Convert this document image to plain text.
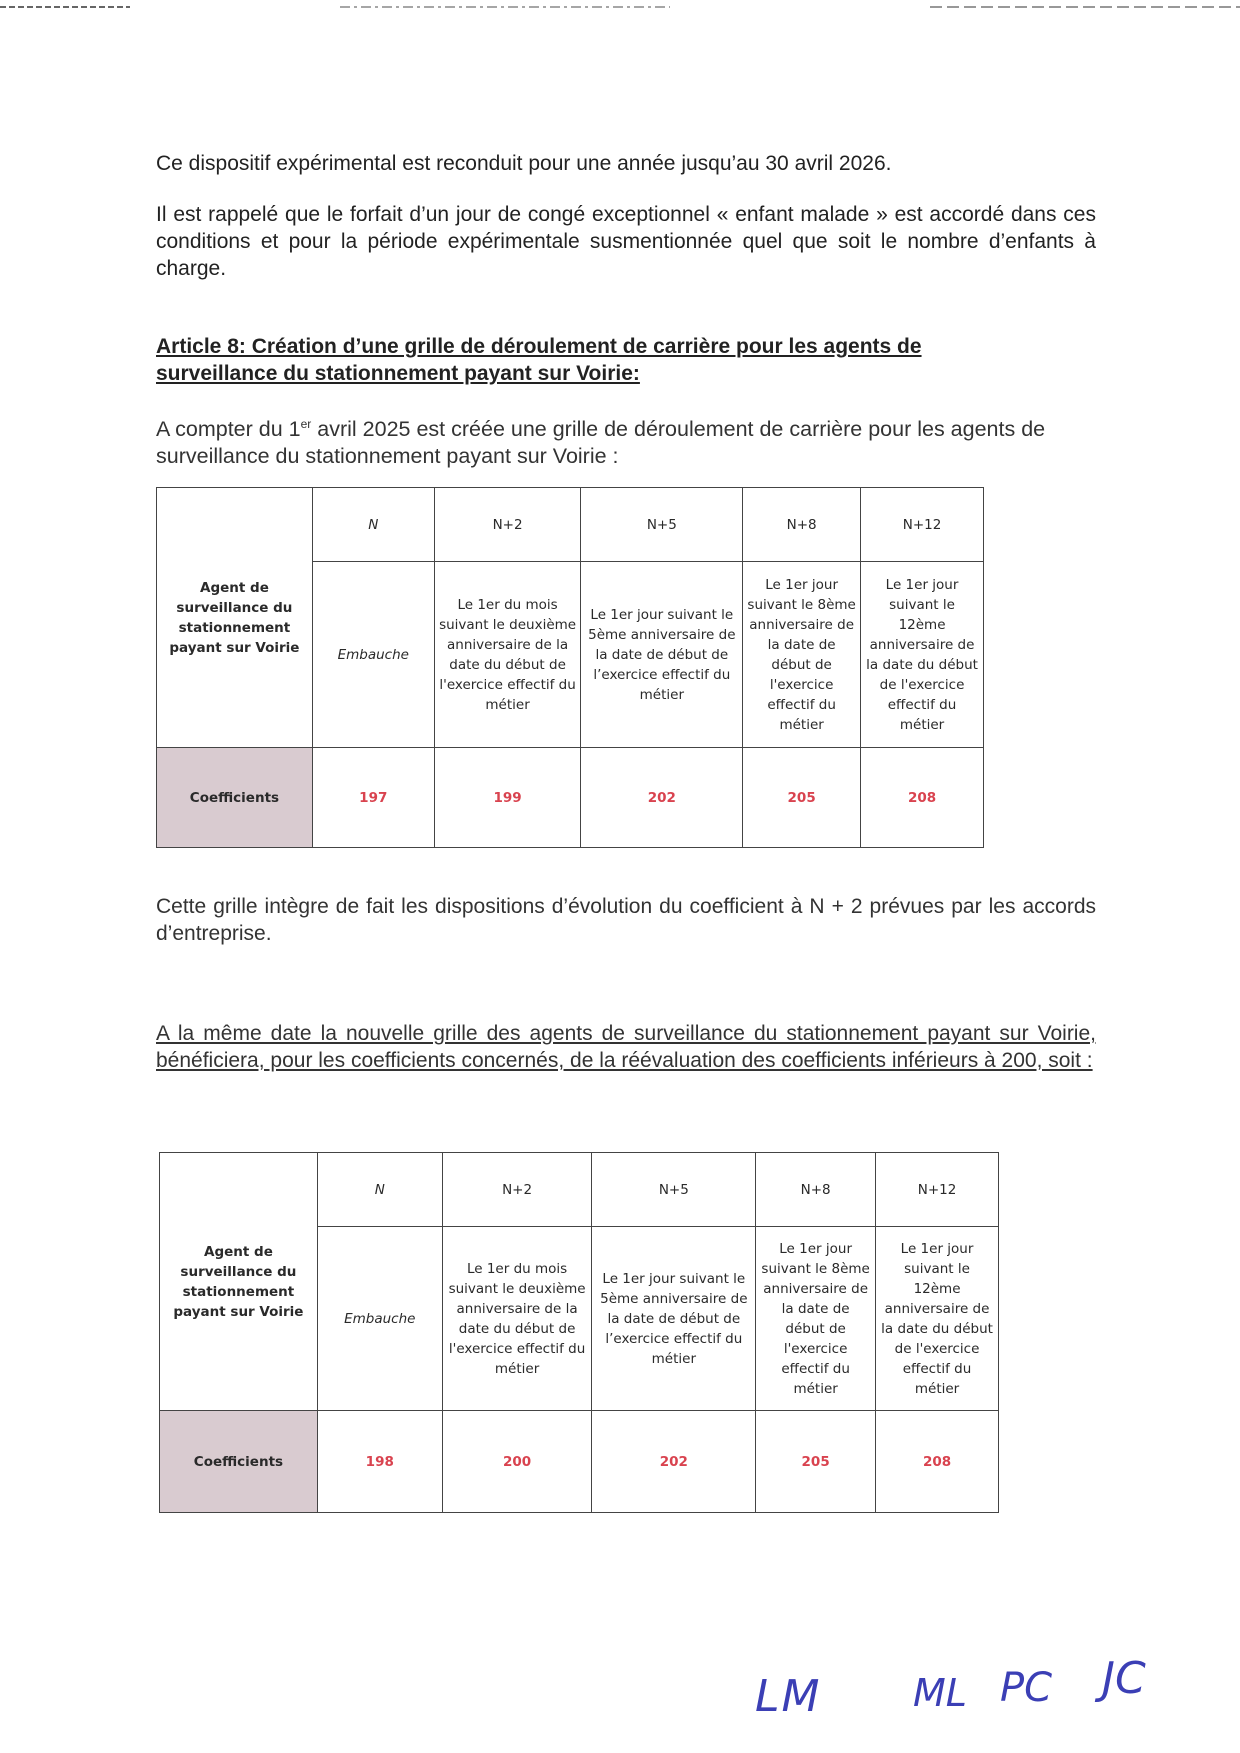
Ce dispositif expérimental est reconduit pour une année jusqu’au 30 avril 2026.

Il est rappelé que le forfait d’un jour de congé exceptionnel « enfant malade » est accordé dans ces conditions et pour la période expérimentale susmentionnée quel que soit le nombre d’enfants à charge.

Article 8: Création d’une grille de déroulement de carrière pour les agents de surveillance du stationnement payant sur Voirie:

A compter du 1er avril 2025 est créée une grille de déroulement de carrière pour les agents de surveillance du stationnement payant sur Voirie :

Agent de surveillance du stationnement payant sur Voirie	N	N+2	N+5	N+8	N+12
	Embauche	Le 1er du mois suivant le deuxième anniversaire de la date du début de l'exercice effectif du métier	Le 1er jour suivant le 5ème anniversaire de la date de début de l’exercice effectif du métier	Le 1er jour suivant le 8ème anniversaire de la date de début de l'exercice effectif du métier	Le 1er jour suivant le 12ème anniversaire de la date du début de l'exercice effectif du métier
Coefficients	197	199	202	205	208

Cette grille intègre de fait les dispositions d’évolution du coefficient à N + 2 prévues par les accords d’entreprise.

A la même date la nouvelle grille des agents de surveillance du stationnement payant sur Voirie, bénéficiera, pour les coefficients concernés, de la réévaluation des coefficients inférieurs à 200, soit :

Agent de surveillance du stationnement payant sur Voirie	N	N+2	N+5	N+8	N+12
	Embauche	Le 1er du mois suivant le deuxième anniversaire de la date du début de l'exercice effectif du métier	Le 1er jour suivant le 5ème anniversaire de la date de début de l’exercice effectif du métier	Le 1er jour suivant le 8ème anniversaire de la date de début de l'exercice effectif du métier	Le 1er jour suivant le 12ème anniversaire de la date du début de l'exercice effectif du métier
Coefficients	198	200	202	205	208
LM ML PC JC
